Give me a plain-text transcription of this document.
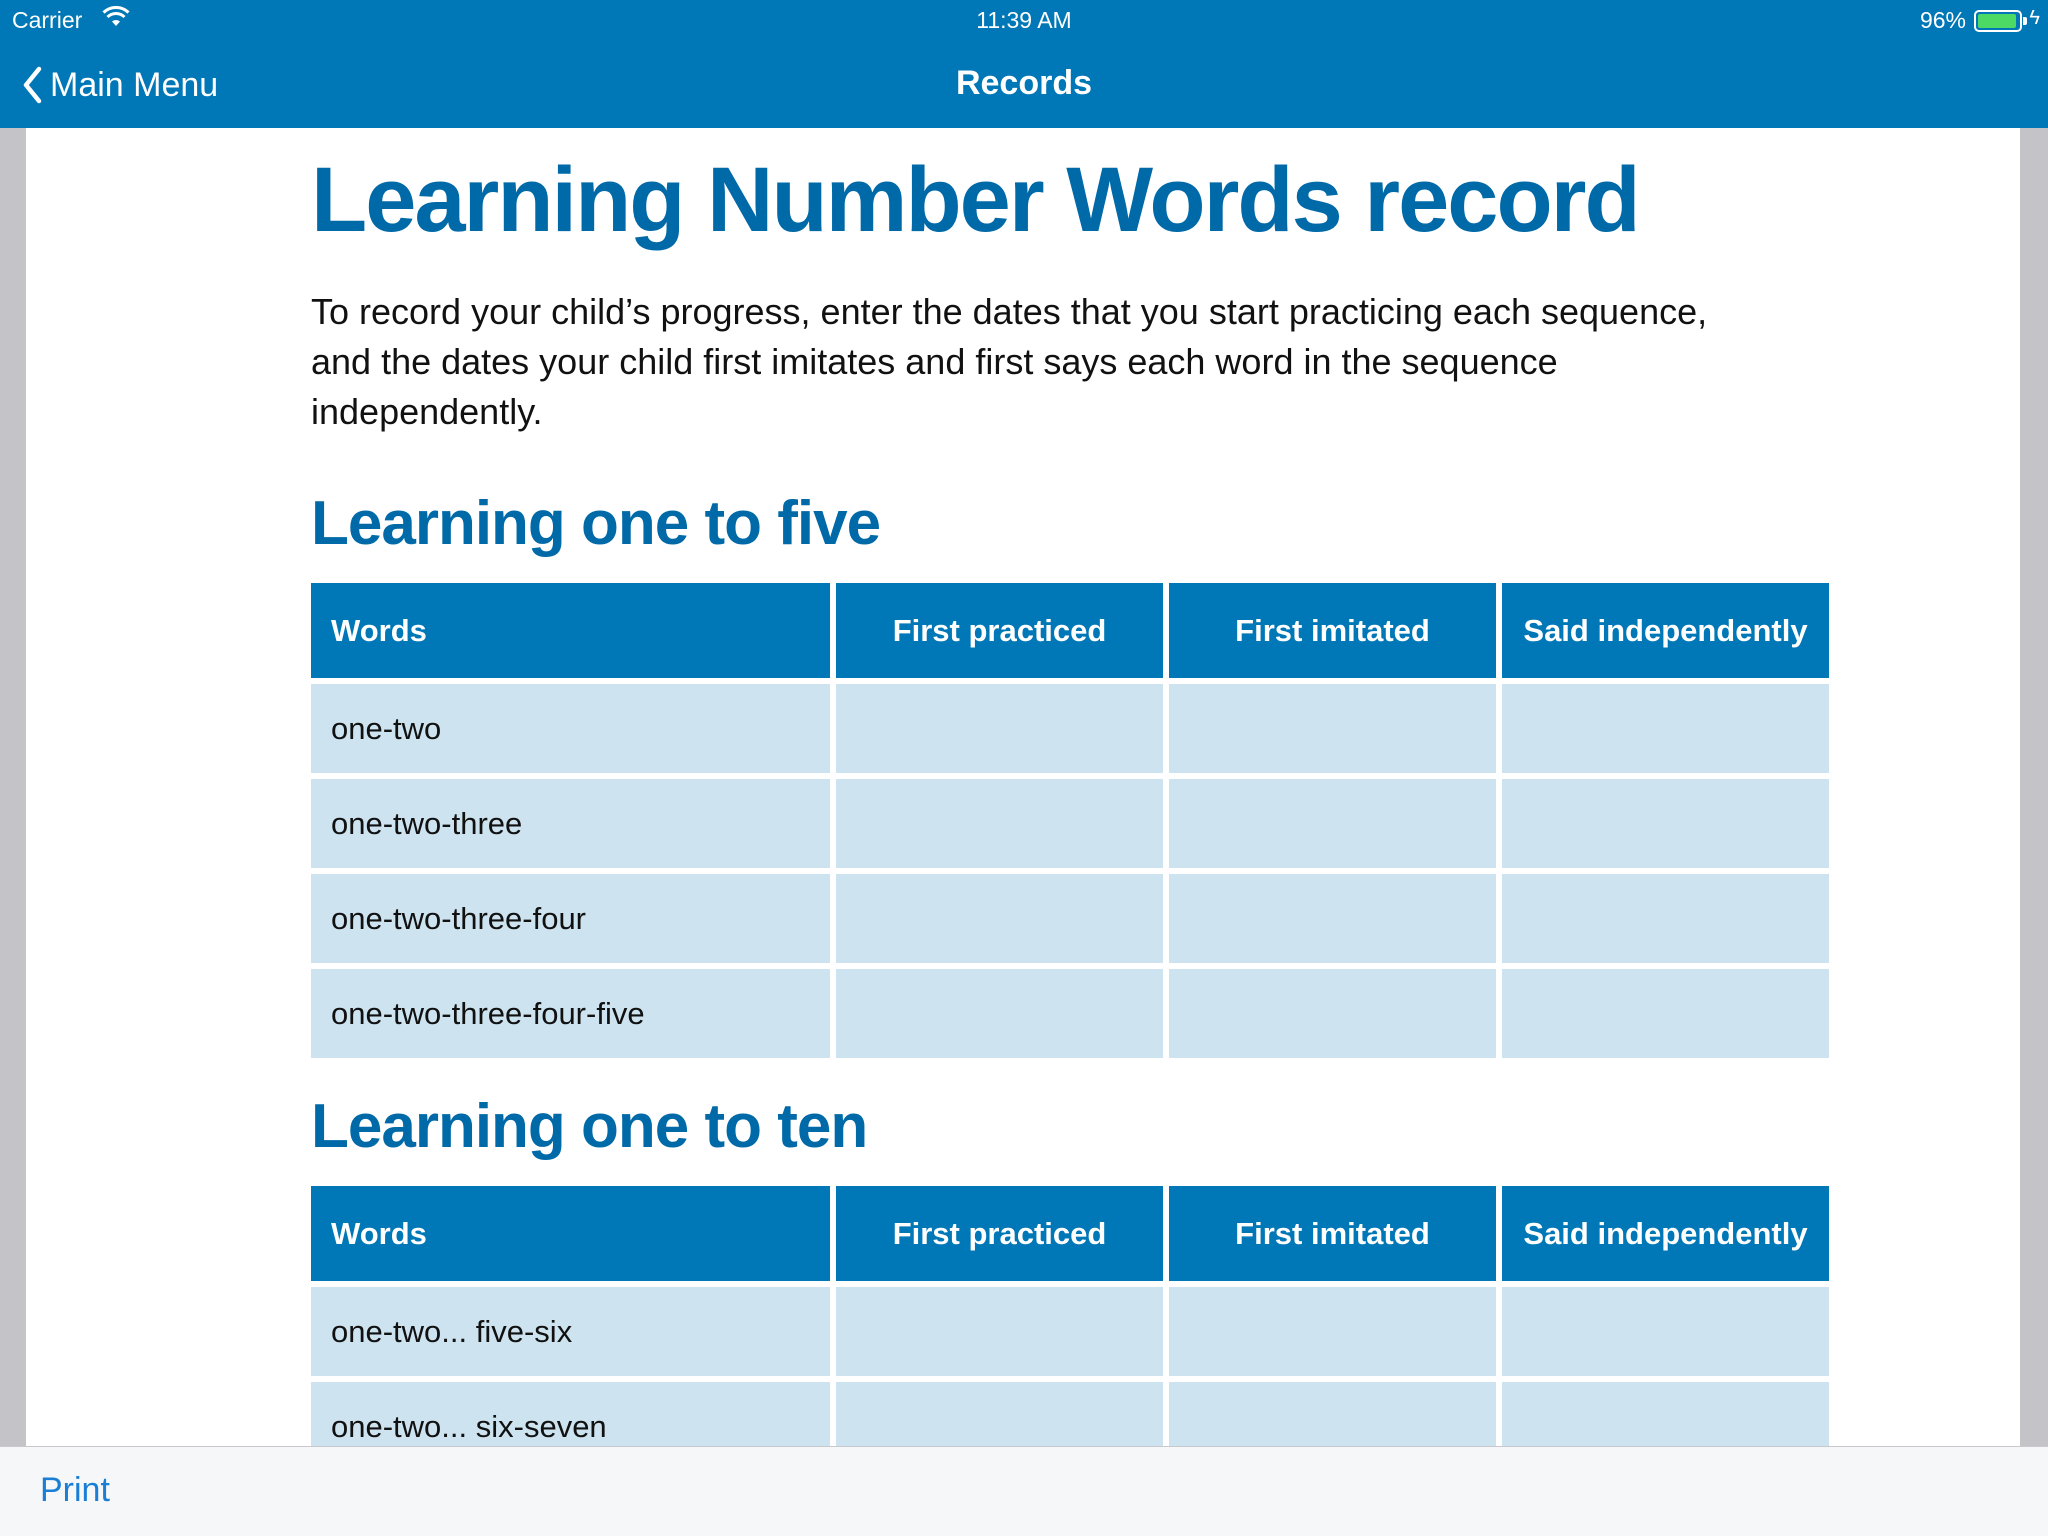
Carrier	11:39 AM	96%	ϟ
Main Menu	Records
Learning Number Words record

To record your child’s progress, enter the dates that you start practicing each sequence, and the dates your child first imitates and first says each word in the sequence independently.

Learning one to five
Words	First practiced	First imitated	Said independently
one-two
one-two-three
one-two-three-four
one-two-three-four-five
Learning one to ten
Words	First practiced	First imitated	Said independently
one-two... five-six
one-two... six-seven
Print
